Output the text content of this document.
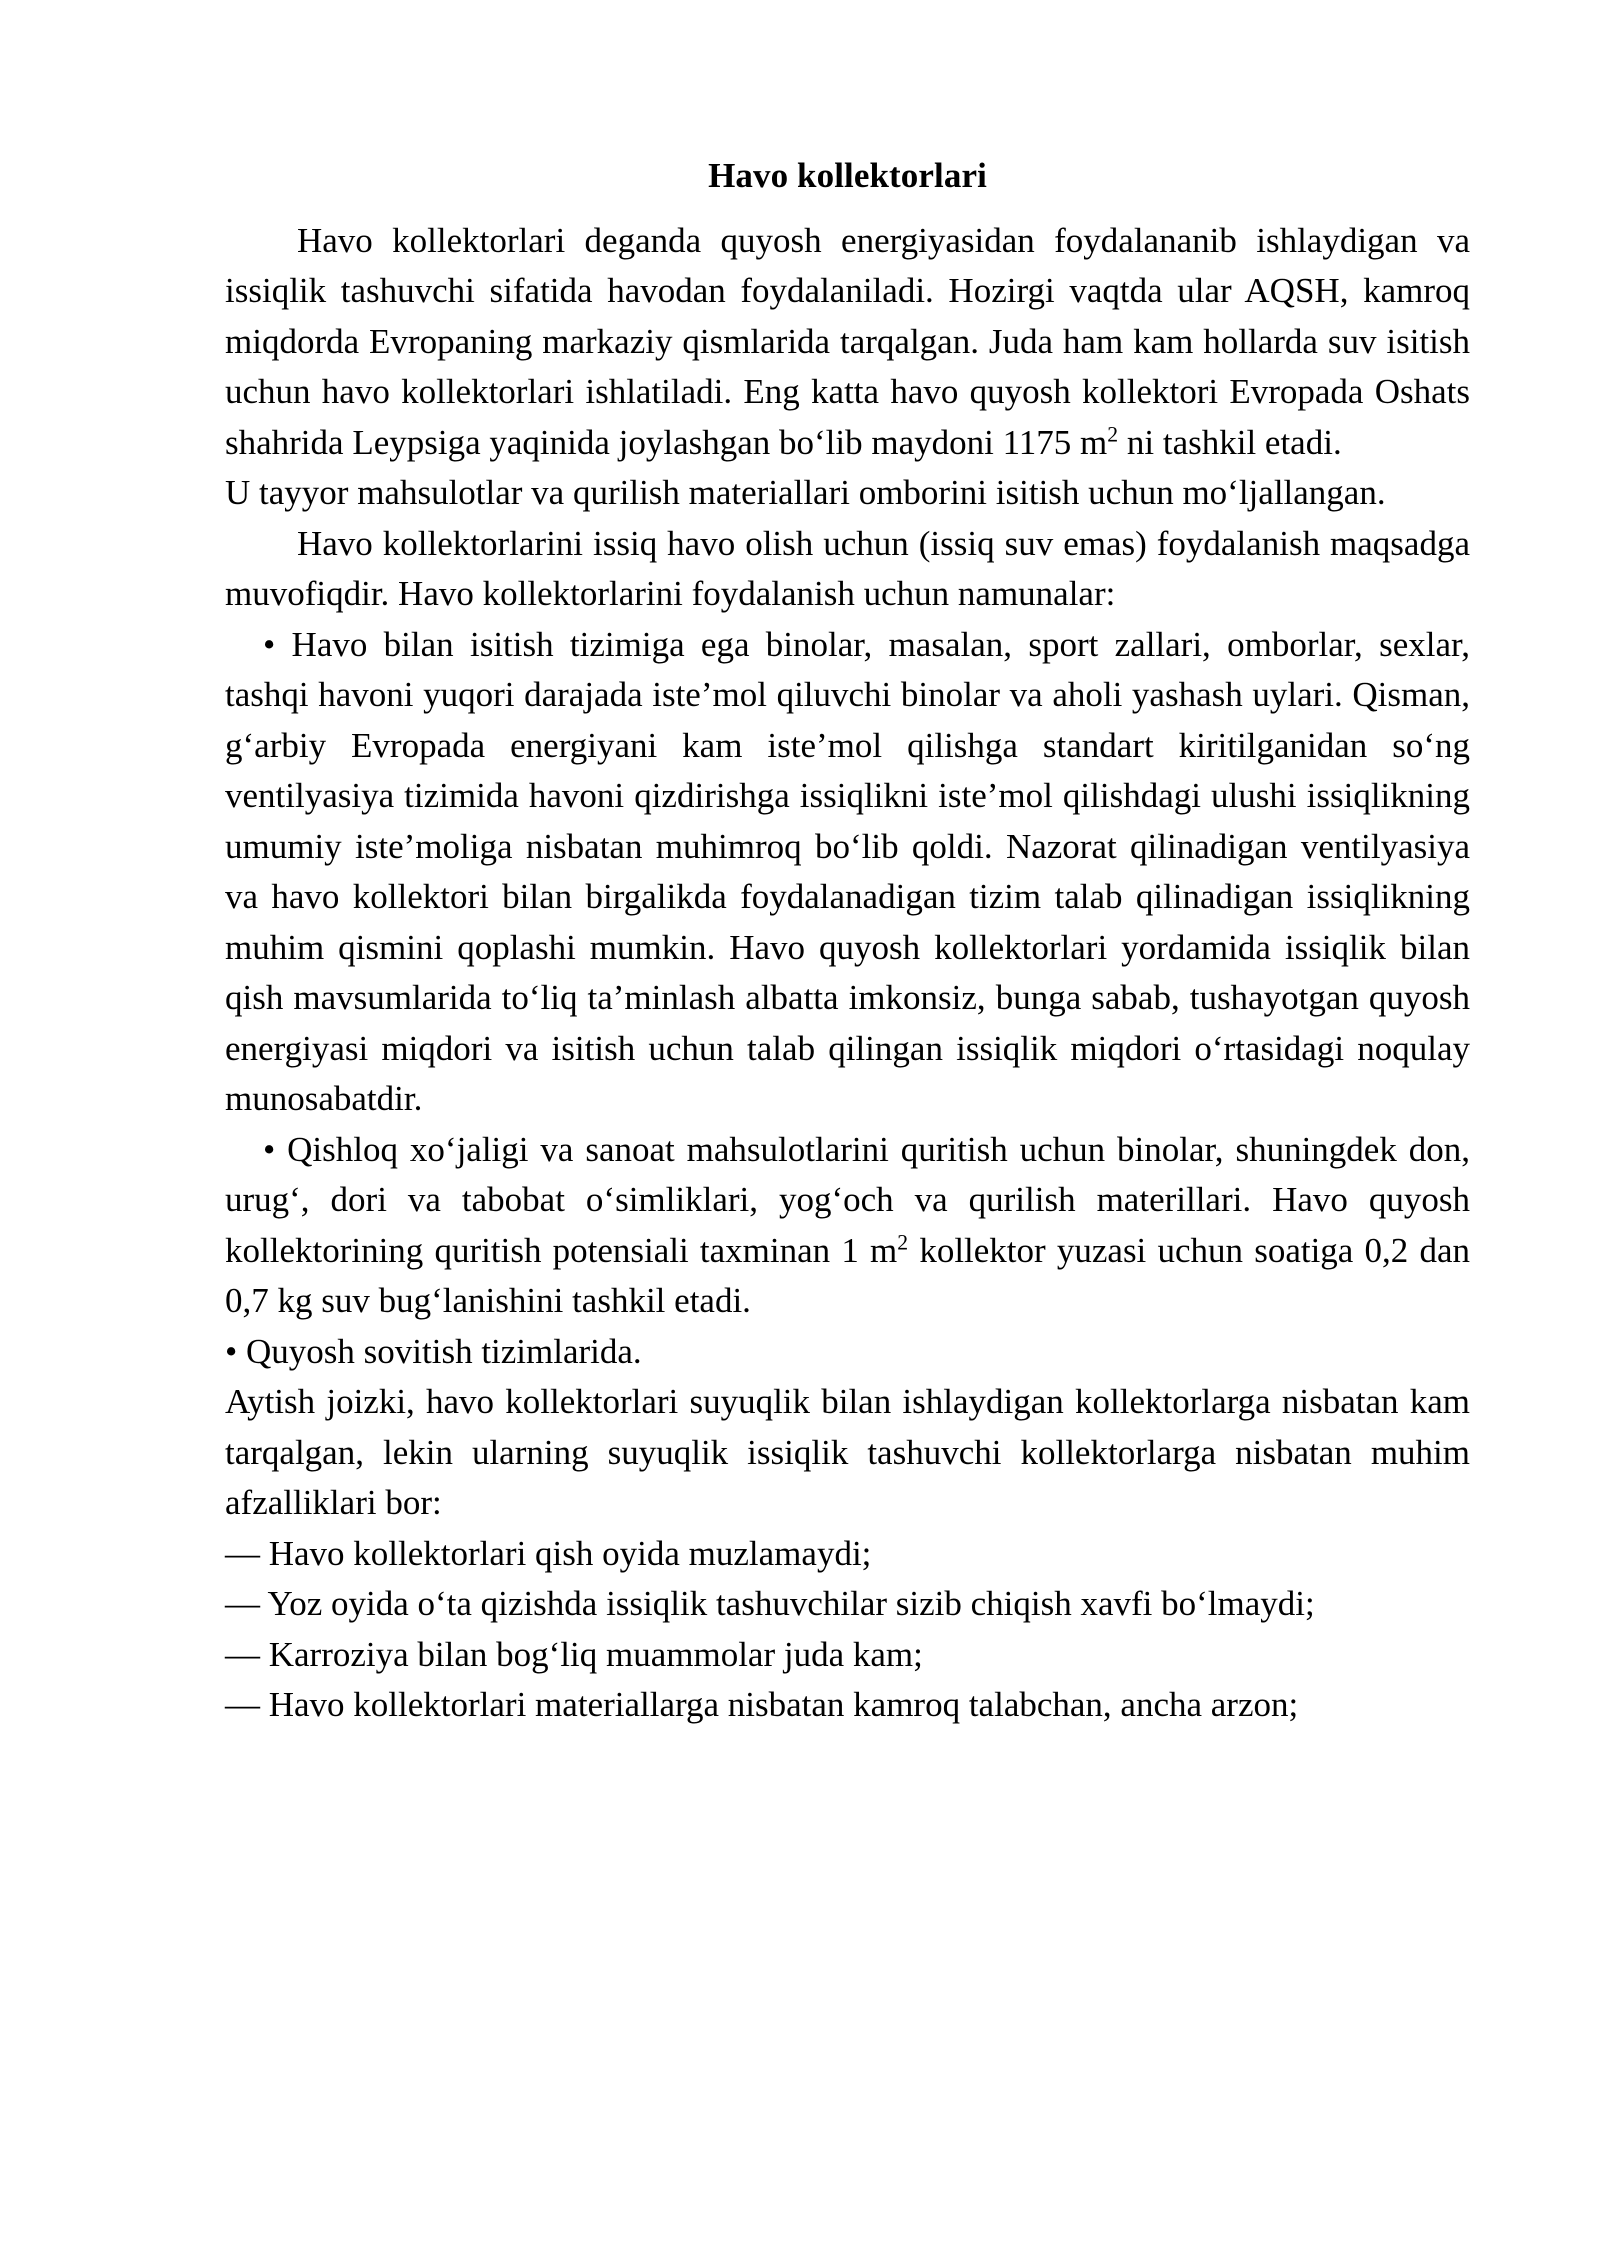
Havo kollektorlari

Havo kollektorlari deganda quyosh energiyasidan foydalananib ishlaydigan va issiqlik tashuvchi sifatida havodan foydalaniladi. Hozirgi vaqtda ular AQSH, kamroq miqdorda Evropaning markaziy qismlarida tarqalgan. Juda ham kam hollarda suv isitish uchun havo kollektorlari ishlatiladi. Eng katta havo quyosh kollektori Evropada Oshats shahrida Leypsiga yaqinida joylashgan bo‘lib maydoni 1175 $m^2$ ni tashkil etadi.

U tayyor mahsulotlar va qurilish materiallari omborini isitish uchun mo‘ljallangan.

Havo kollektorlarini issiq havo olish uchun (issiq suv emas) foydalanish maqsadga muvofiqdir. Havo kollektorlarini foydalanish uchun namunalar:

• Havo bilan isitish tizimiga ega binolar, masalan, sport zallari, omborlar, sexlar, tashqi havoni yuqori darajada iste’mol qiluvchi binolar va aholi yashash uylari. Qisman, g‘arbiy Evropada energiyani kam iste’mol qilishga standart kiritilganidan so‘ng ventilyasiya tizimida havoni qizdirishga issiqlikni iste’mol qilishdagi ulushi issiqlikning umumiy iste’moliga nisbatan muhimroq bo‘lib qoldi. Nazorat qilinadigan ventilyasiya va havo kollektori bilan birgalikda foydalanadigan tizim talab qilinadigan issiqlikning muhim qismini qoplashi mumkin. Havo quyosh kollektorlari yordamida issiqlik bilan qish mavsumlarida to‘liq ta’minlash albatta imkonsiz, bunga sabab, tushayotgan quyosh energiyasi miqdori va isitish uchun talab qilingan issiqlik miqdori o‘rtasidagi noqulay munosabatdir.

• Qishloq xo‘jaligi va sanoat mahsulotlarini quritish uchun binolar, shuningdek don, urug‘, dori va tabobat o‘simliklari, yog‘och va qurilish materillari. Havo quyosh kollektorining quritish potensiali taxminan 1 $m^2$ kollektor yuzasi uchun soatiga 0,2 dan 0,7 kg suv bug‘lanishini tashkil etadi.

• Quyosh sovitish tizimlarida.

Aytish joizki, havo kollektorlari suyuqlik bilan ishlaydigan kollektorlarga nisbatan kam tarqalgan, lekin ularning suyuqlik issiqlik tashuvchi kollektorlarga nisbatan muhim afzalliklari bor:

— Havo kollektorlari qish oyida muzlamaydi;

— Yoz oyida o‘ta qizishda issiqlik tashuvchilar sizib chiqish xavfi bo‘lmaydi;

— Karroziya bilan bog‘liq muammolar juda kam;

— Havo kollektorlari materiallarga nisbatan kamroq talabchan, ancha arzon;
